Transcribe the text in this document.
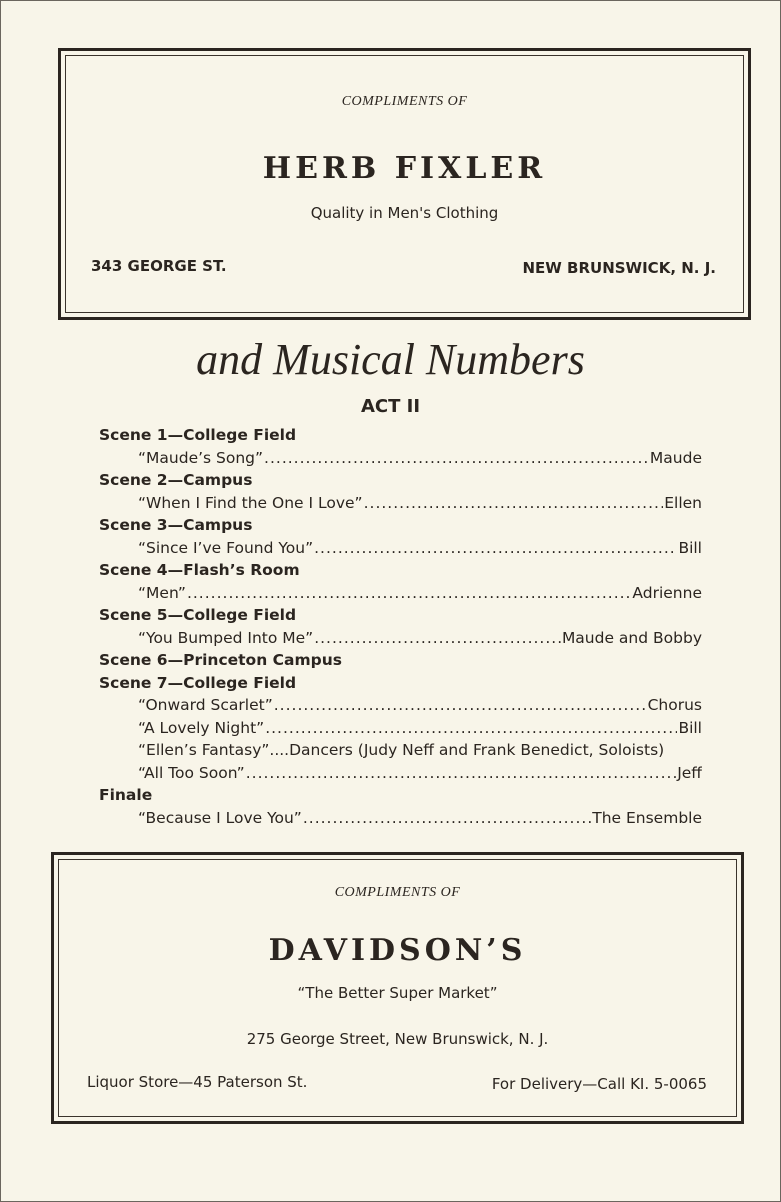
COMPLIMENTS OF
HERB FIXLER
Quality in Men's Clothing
343 GEORGE ST.	NEW BRUNSWICK, N. J.
and Musical Numbers
ACT II
Scene 1—College Field
“Maude’s Song” .....	Maude
Scene 2—Campus
“When I Find the One I Love” .....	Ellen
Scene 3—Campus
“Since I’ve Found You” .....	Bill
Scene 4—Flash’s Room
“Men” .....	Adrienne
Scene 5—College Field
“You Bumped Into Me” .....	Maude and Bobby
Scene 6—Princeton Campus
Scene 7—College Field
“Onward Scarlet” .....	Chorus
“A Lovely Night” .....	Bill
“Ellen’s Fantasy”....Dancers (Judy Neff and Frank Benedict, Soloists)
“All Too Soon” .....	Jeff
Finale
“Because I Love You” .....	The Ensemble
COMPLIMENTS OF
DAVIDSON’S
“The Better Super Market”
275 George Street, New Brunswick, N. J.
Liquor Store—45 Paterson St.	For Delivery—Call KI. 5-0065
